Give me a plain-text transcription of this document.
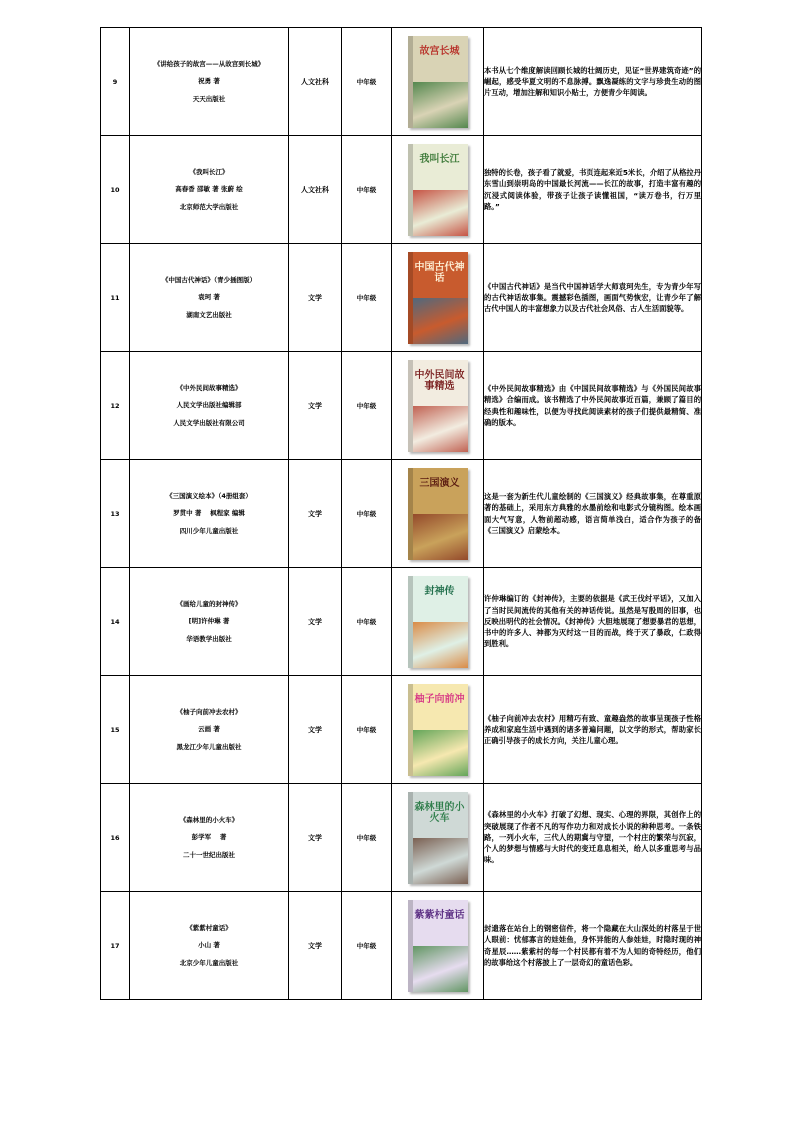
9	《讲给孩子的故宫——从故宫到长城》
祝勇 著
天天出版社	人文社科	中年级	故宫长城	本书从七个维度解读回顾长城的壮阔历史，见证“世界建筑奇迹”的崛起，感受华夏文明的不息脉搏。飘逸凝练的文字与珍贵生动的图片互动，增加注解和知识小贴士，方便青少年阅读。
10	《我叫长江》
高春香 邵敏 著 张蔚 绘
北京师范大学出版社	人文社科	中年级	我叫长江	独特的长卷，孩子看了就爱，书页连起来近5米长，介绍了从格拉丹东雪山到崇明岛的中国最长河流——长江的故事，打造丰富有趣的沉浸式阅读体验，带孩子让孩子读懂祖国，“读万卷书，行万里路。”
11	《中国古代神话》（青少插图版）
袁珂 著
湖南文艺出版社	文学	中年级	中国古代神话	《中国古代神话》是当代中国神话学大师袁珂先生，专为青少年写的古代神话故事集。震撼彩色插图，画面气势恢宏，让青少年了解古代中国人的丰富想象力以及古代社会风俗、古人生活面貌等。
12	《中外民间故事精选》
人民文学出版社编辑部
人民文学出版社有限公司	文学	中年级	中外民间故事精选	《中外民间故事精选》由《中国民间故事精选》与《外国民间故事精选》合编而成。该书精选了中外民间故事近百篇，兼顾了篇目的经典性和趣味性，以便为寻找此阅读素材的孩子们提供最精简、准确的版本。
13	《三国演义绘本》（4册组套）
罗贯中 著 　枫程家 编辑
四川少年儿童出版社	文学	中年级	三国演义	这是一套为新生代儿童绘制的《三国演义》经典故事集，在尊重原著的基础上，采用东方典雅的水墨前绘和电影式分镜构图。绘本画面大气写意，人物前超动感，语言简单浅白，适合作为孩子的备《三国演义》启蒙绘本。
14	《画给儿童的封神传》
[明]许仲琳 著
华语教学出版社	文学	中年级	封神传	许仲琳编订的《封神传》，主要的依据是《武王伐纣平话》，又加入了当时民间流传的其他有关的神话传说。虽然是写殷周的旧事，也反映出明代的社会情况。《封神传》大胆地展现了想要暴君的思想，书中的许多人、神都为灭纣这一目的而战，终于灭了暴政，仁政得到胜利。
15	《柚子向前冲去农村》
云画 著
黑龙江少年儿童出版社	文学	中年级	柚子向前冲	《柚子向前冲去农村》用精巧有致、童趣盎然的故事呈现孩子性格养成和家庭生活中遇到的诸多普遍问题，以文学的形式，帮助家长正确引导孩子的成长方向，关注儿童心理。
16	《森林里的小火车》
彭学军 　著
二十一世纪出版社	文学	中年级	森林里的小火车	《森林里的小火车》打破了幻想、现实、心理的界限，其创作上的突破展现了作者不凡的写作功力和对成长小说的种种思考。一条铁路，一列小火车，三代人的期冀与守望，一个村庄的繁荣与沉寂，个人的梦想与情感与大时代的变迁息息相关，给人以多重思考与品味。
17	《紫紫村童话》
小山 著
北京少年儿童出版社	文学	中年级	紫紫村童话	封遗落在站台上的钢密信件，将一个隐藏在大山深处的村落呈于世人眼前：忧郁寡言的娃娃鱼，身怀异能的人参娃娃，时隐时现的神奇星辰……紫紫村的每一个村民都有着不为人知的奇特经历，他们的故事给这个村落披上了一层奇幻的童话色彩。
